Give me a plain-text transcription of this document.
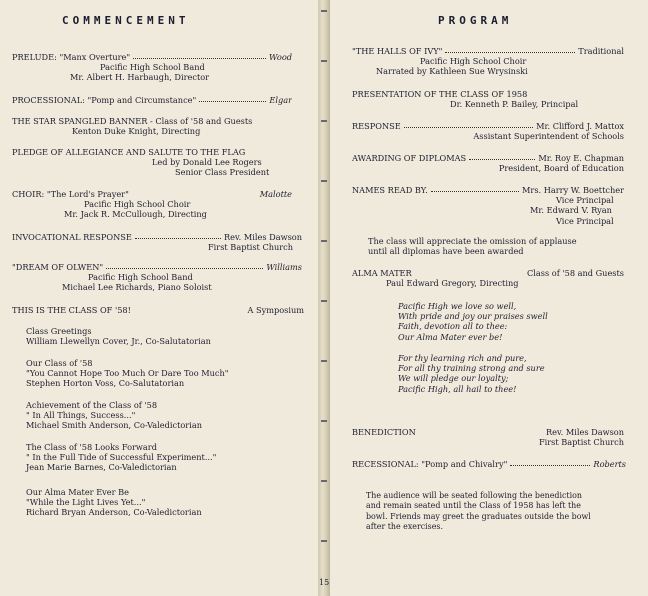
COMMENCEMENT
PRELUDE: "Manx Overture"	Wood
Pacific High School Band
Mr. Albert H. Harbaugh, Director
PROCESSIONAL: "Pomp and Circumstance"	Elgar
THE STAR SPANGLED BANNER - Class of '58 and Guests
Kenton Duke Knight, Directing
PLEDGE OF ALLEGIANCE AND SALUTE TO THE FLAG
Led by Donald Lee Rogers
Senior Class President
CHOIR: "The Lord's Prayer"	Malotte
Pacific High School Choir
Mr. Jack R. McCullough, Directing
INVOCATIONAL RESPONSE	Rev. Miles Dawson
First Baptist Church
"DREAM OF OLWEN"	Williams
Pacific High School Band
Michael Lee Richards, Piano Soloist
THIS IS THE CLASS OF '58!	A Symposium
Class Greetings
William Llewellyn Cover, Jr., Co-Salutatorian
Our Class of '58
"You Cannot Hope Too Much Or Dare Too Much"
Stephen Horton Voss, Co-Salutatorian
Achievement of the Class of '58
" In All Things, Success..."
Michael Smith Anderson, Co-Valedictorian
The Class of '58 Looks Forward
" In the Full Tide of Successful Experiment..."
Jean Marie Barnes, Co-Valedictorian
Our Alma Mater Ever Be
"While the Light Lives Yet..."
Richard Bryan Anderson, Co-Valedictorian
15
PROGRAM
"THE HALLS OF IVY"	Traditional
Pacific High School Choir
Narrated by Kathleen Sue Wrysinski
PRESENTATION OF THE CLASS OF 1958
Dr. Kenneth P. Bailey, Principal
RESPONSE	Mr. Clifford J. Mattox
Assistant Superintendent of Schools
AWARDING OF DIPLOMAS	Mr. Roy E. Chapman
President, Board of Education
NAMES READ BY.	Mrs. Harry W. Boettcher
Vice Principal
Mr. Edward V. Ryan
Vice Principal
The class will appreciate the omission of applause
until all diplomas have been awarded
ALMA MATER	Class of '58 and Guests
Paul Edward Gregory, Directing
Pacific High we love so well,
With pride and joy our praises swell
Faith, devotion all to thee:
Our Alma Mater ever be!
For thy learning rich and pure,
For all thy training strong and sure
We will pledge our loyalty;
Pacific High, all hail to thee!
BENEDICTION	Rev. Miles Dawson
First Baptist Church
RECESSIONAL: "Pomp and Chivalry"	Roberts
The audience will be seated following the benediction
and remain seated until the Class of 1958 has left the
bowl. Friends may greet the graduates outside the bowl
after the exercises.
